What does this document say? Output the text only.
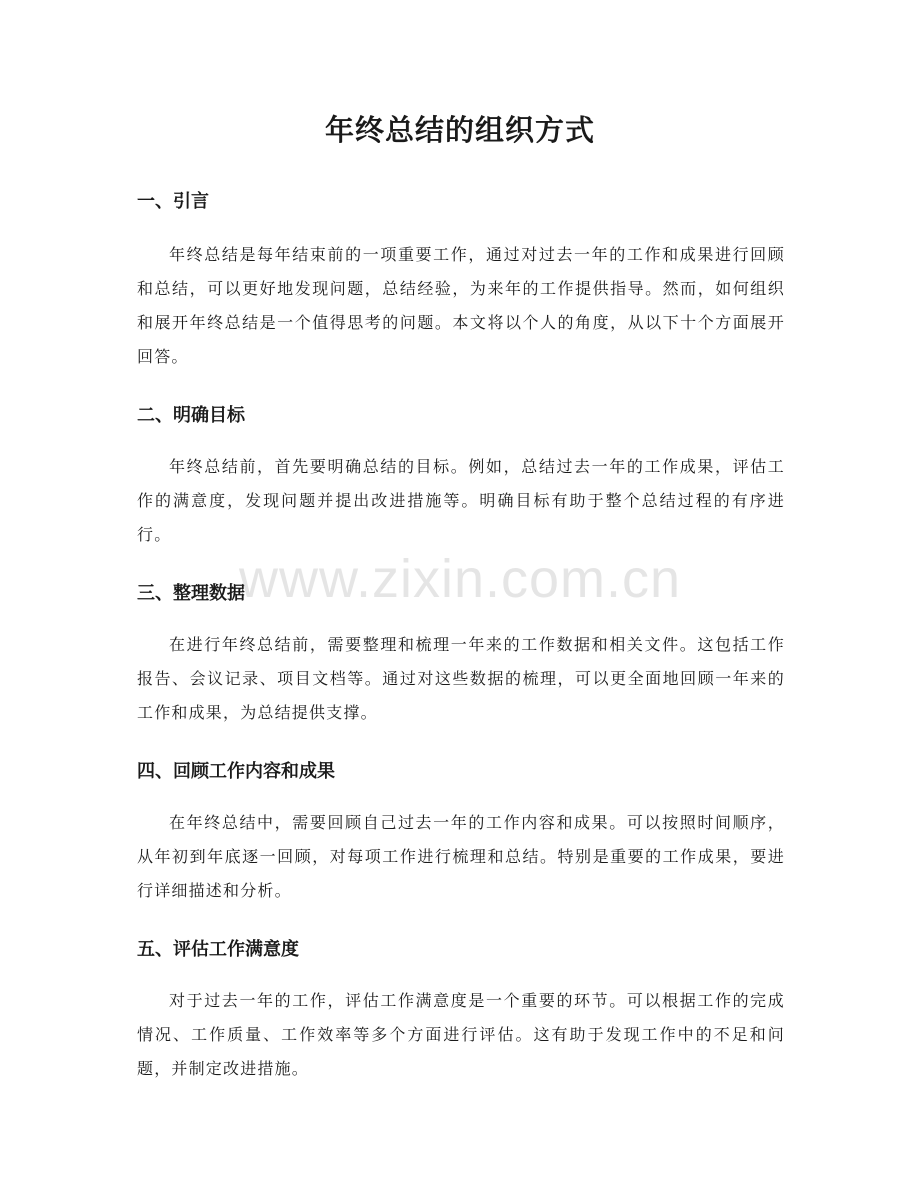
年终总结的组织方式
一、引言

年终总结是每年结束前的一项重要工作，通过对过去一年的工作和成果进行回顾和总结，可以更好地发现问题，总结经验，为来年的工作提供指导。然而，如何组织和展开年终总结是一个值得思考的问题。本文将以个人的角度，从以下十个方面展开回答。

二、明确目标

年终总结前，首先要明确总结的目标。例如，总结过去一年的工作成果，评估工作的满意度，发现问题并提出改进措施等。明确目标有助于整个总结过程的有序进行。

三、整理数据

在进行年终总结前，需要整理和梳理一年来的工作数据和相关文件。这包括工作报告、会议记录、项目文档等。通过对这些数据的梳理，可以更全面地回顾一年来的工作和成果，为总结提供支撑。

四、回顾工作内容和成果

在年终总结中，需要回顾自己过去一年的工作内容和成果。可以按照时间顺序，从年初到年底逐一回顾，对每项工作进行梳理和总结。特别是重要的工作成果，要进行详细描述和分析。

五、评估工作满意度

对于过去一年的工作，评估工作满意度是一个重要的环节。可以根据工作的完成情况、工作质量、工作效率等多个方面进行评估。这有助于发现工作中的不足和问题，并制定改进措施。

www.zixin.com.cn
